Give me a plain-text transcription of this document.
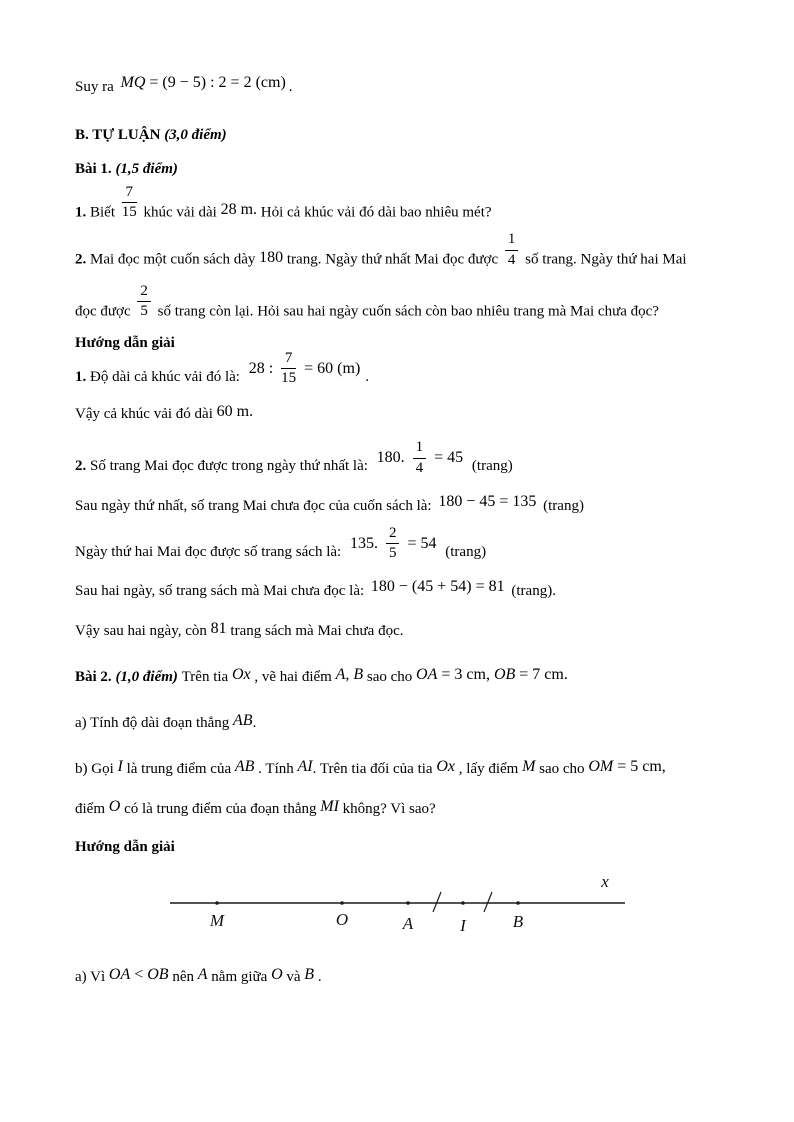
Suy ra MQ = (9 − 5) : 2 = 2 (cm) .

B. TỰ LUẬN (3,0 điểm)

Bài 1. (1,5 điểm)

1. Biết $\frac{7}{15}$ khúc vải dài 28 m. Hỏi cả khúc vải đó dài bao nhiêu mét?

2. Mai đọc một cuốn sách dày 180 trang. Ngày thứ nhất Mai đọc được $\frac{1}{4}$ số trang. Ngày thứ hai Mai
đọc được $\frac{2}{5}$ số trang còn lại. Hỏi sau hai ngày cuốn sách còn bao nhiêu trang mà Mai chưa đọc?

Hướng dẫn giải

1. Độ dài cả khúc vải đó là: 28 : $\frac{7}{15} = 60$ (m) .

Vậy cả khúc vải đó dài 60 m.

2. Số trang Mai đọc được trong ngày thứ nhất là: 180. $\frac{1}{4} = 45$ (trang)

Sau ngày thứ nhất, số trang Mai chưa đọc của cuốn sách là: 180 − 45 = 135 (trang)

Ngày thứ hai Mai đọc được số trang sách là: 135. $\frac{2}{5} = 54$ (trang)

Sau hai ngày, số trang sách mà Mai chưa đọc là: 180 − (45 + 54) = 81 (trang).

Vậy sau hai ngày, còn 81 trang sách mà Mai chưa đọc.

Bài 2. (1,0 điểm) Trên tia Ox , vẽ hai điểm A, B sao cho OA = 3 cm, OB = 7 cm.

a) Tính độ dài đoạn thẳng AB.

b) Gọi I là trung điểm của AB . Tính AI. Trên tia đối của tia Ox , lấy điểm M sao cho OM = 5 cm,
điểm O có là trung điểm của đoạn thẳng MI không? Vì sao?

Hướng dẫn giải

M	O	A	I	B
x

a) Vì OA < OB nên A nằm giữa O và B .
